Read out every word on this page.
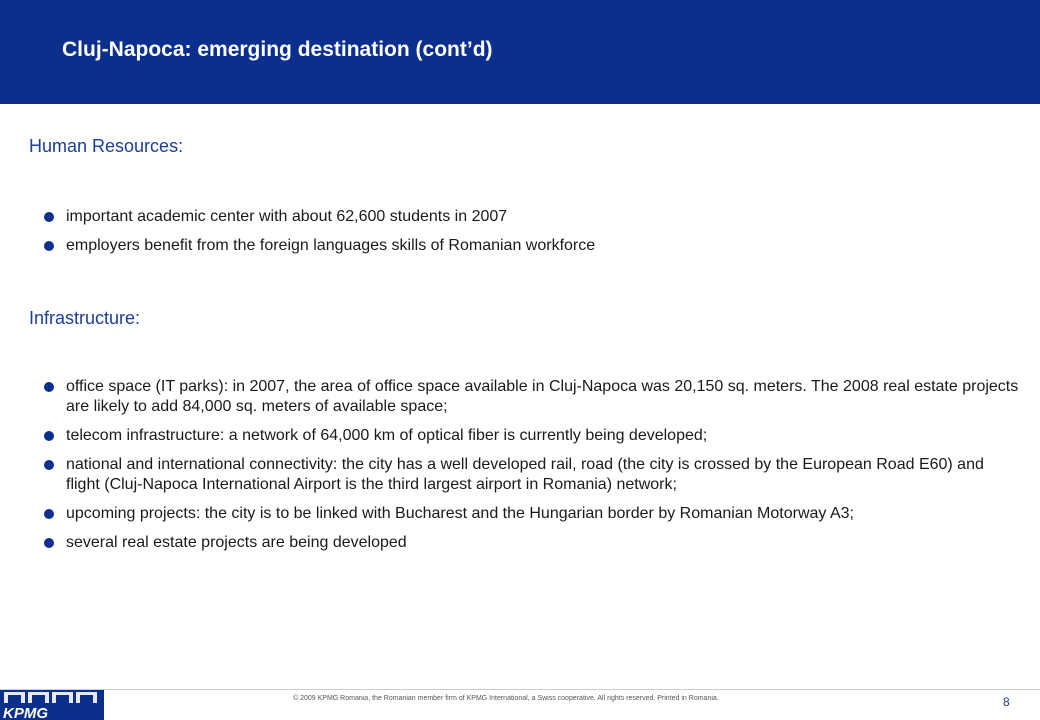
Cluj-Napoca: emerging destination (cont’d)
Human Resources:
important academic center with about 62,600 students in 2007
employers benefit from the foreign languages skills of Romanian workforce
Infrastructure:
office space (IT parks): in 2007, the area of office space available in Cluj-Napoca was 20,150 sq. meters. The 2008 real estate projects are likely to add 84,000 sq. meters of available space;
telecom infrastructure: a network of 64,000 km of optical fiber is currently being developed;
national and international connectivity: the city has a well developed rail, road (the city is crossed by the European Road E60) and flight (Cluj-Napoca International Airport is the third largest airport in Romania) network;
upcoming projects: the city is to be linked with Bucharest and the Hungarian border by Romanian Motorway A3;
several real estate projects are being developed
KPMG
© 2009 KPMG Romania, the Romanian member firm of KPMG International, a Swiss cooperative. All rights reserved. Printed in Romania.	8
